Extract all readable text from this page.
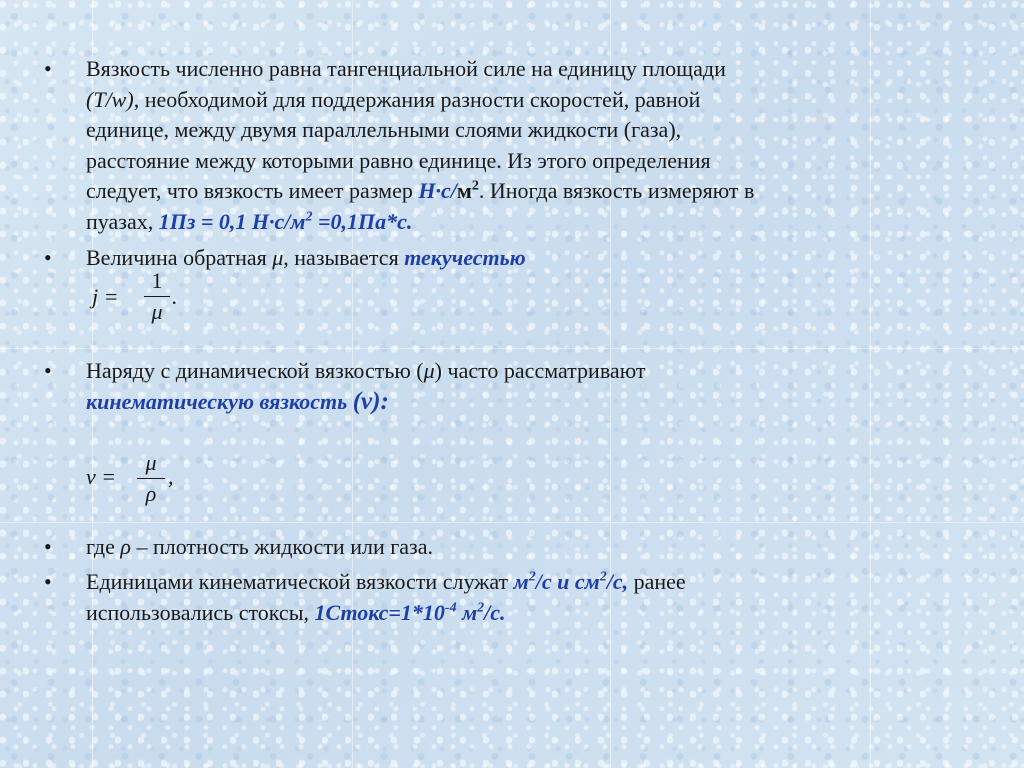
• Вязкость численно равна тангенциальной силе на единицу площади
(T/w), необходимой для поддержания разности скоростей, равной
единице, между двумя параллельными слоями жидкости (газа),
расстояние между которыми равно единице. Из этого определения
следует, что вязкость имеет размер $Н\cdot с/м^2$. Иногда вязкость измеряют в
пуазах, 1Пз = 0,1 $Н\cdot с/м^2 =0,1Па*с$.
• Величина обратная μ, называется текучестью
j =
1
μ
.
• Наряду с динамической вязкостью (μ) часто рассматривают
кинематическую вязкость (ν):
ν =
μ
ρ
,
• где ρ – плотность жидкости или газа.
• Единицами кинематической вязкости служат $м^2/с$ и $см^2/с$, ранее
использовались стоксы, $1Стокс=1*10^{-4}$ $м^2/с$.
